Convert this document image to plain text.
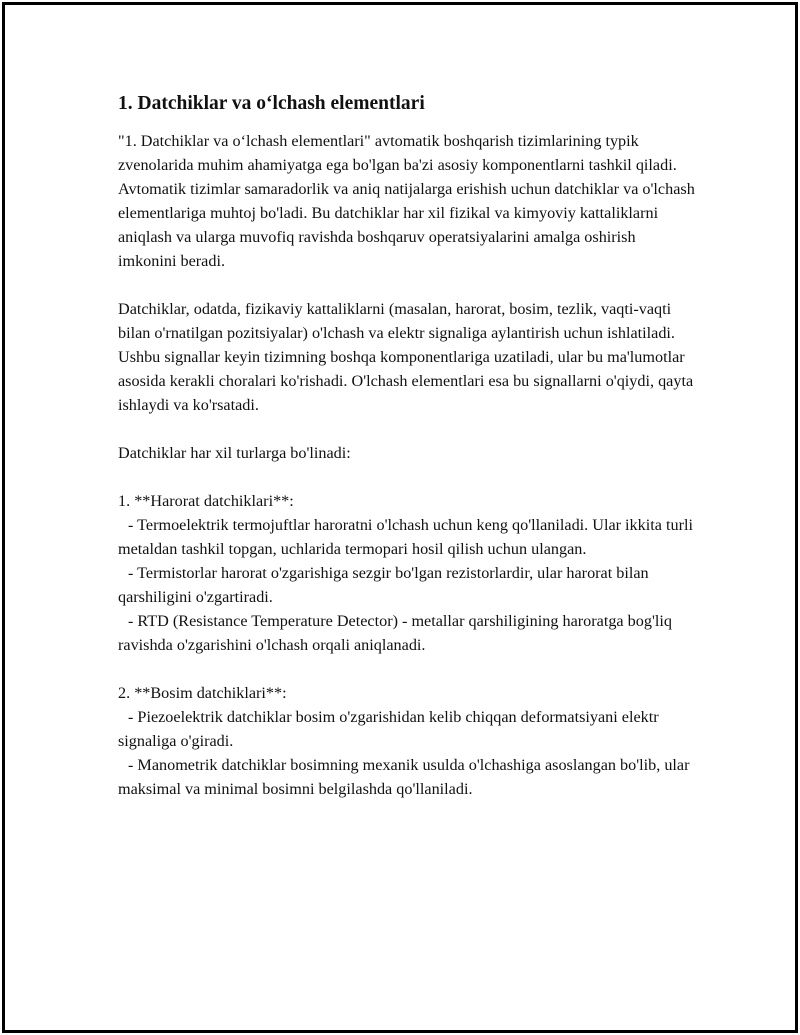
1. Datchiklar va o‘lchash elementlari

"1. Datchiklar va o‘lchash elementlari" avtomatik boshqarish tizimlarining typik zvenolarida muhim ahamiyatga ega bo'lgan ba'zi asosiy komponentlarni tashkil qiladi. Avtomatik tizimlar samaradorlik va aniq natijalarga erishish uchun datchiklar va o'lchash elementlariga muhtoj bo'ladi. Bu datchiklar har xil fizikal va kimyoviy kattaliklarni aniqlash va ularga muvofiq ravishda boshqaruv operatsiyalarini amalga oshirish imkonini beradi.

Datchiklar, odatda, fizikaviy kattaliklarni (masalan, harorat, bosim, tezlik, vaqti-vaqti bilan o'rnatilgan pozitsiyalar) o'lchash va elektr signaliga aylantirish uchun ishlatiladi. Ushbu signallar keyin tizimning boshqa komponentlariga uzatiladi, ular bu ma'lumotlar asosida kerakli choralari ko'rishadi. O'lchash elementlari esa bu signallarni o'qiydi, qayta ishlaydi va ko'rsatadi.

Datchiklar har xil turlarga bo'linadi:

1. **Harorat datchiklari**:

- Termoelektrik termojuftlar haroratni o'lchash uchun keng qo'llaniladi. Ular ikkita turli metaldan tashkil topgan, uchlarida termopari hosil qilish uchun ulangan.

- Termistorlar harorat o'zgarishiga sezgir bo'lgan rezistorlardir, ular harorat bilan qarshiligini o'zgartiradi.

- RTD (Resistance Temperature Detector) - metallar qarshiligining haroratga bog'liq ravishda o'zgarishini o'lchash orqali aniqlanadi.

2. **Bosim datchiklari**:

- Piezoelektrik datchiklar bosim o'zgarishidan kelib chiqqan deformatsiyani elektr signaliga o'giradi.

- Manometrik datchiklar bosimning mexanik usulda o'lchashiga asoslangan bo'lib, ular maksimal va minimal bosimni belgilashda qo'llaniladi.
